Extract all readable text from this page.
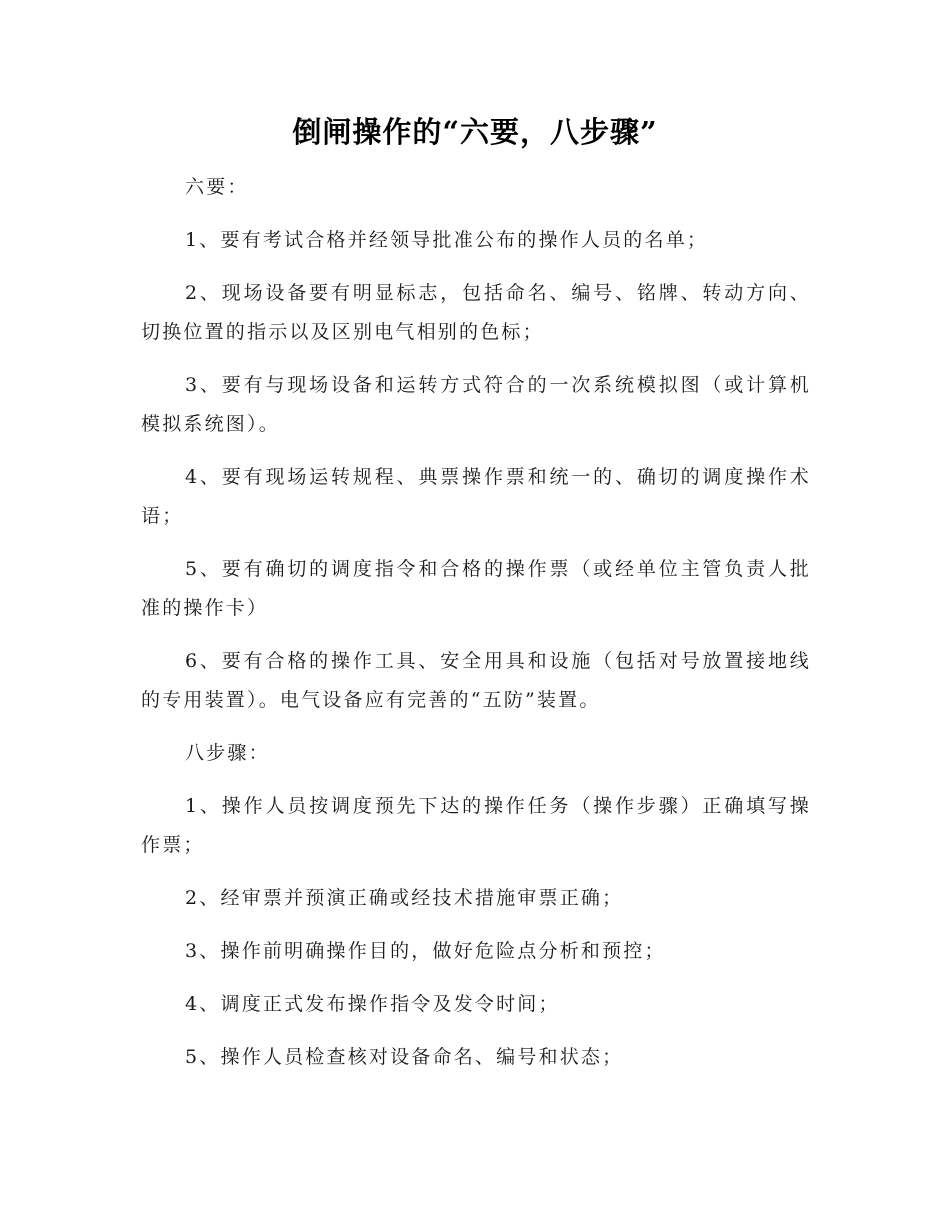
倒闸操作的“六要，八步骤”

六要：

1、要有考试合格并经领导批准公布的操作人员的名单；

2、现场设备要有明显标志，包括命名、编号、铭牌、转动方向、切换位置的指示以及区别电气相别的色标；

3、要有与现场设备和运转方式符合的一次系统模拟图（或计算机模拟系统图）。

4、要有现场运转规程、典票操作票和统一的、确切的调度操作术语；

5、要有确切的调度指令和合格的操作票（或经单位主管负责人批准的操作卡）

6、要有合格的操作工具、安全用具和设施（包括对号放置接地线的专用装置）。电气设备应有完善的“五防”装置。

八步骤：

1、操作人员按调度预先下达的操作任务（操作步骤）正确填写操作票；

2、经审票并预演正确或经技术措施审票正确；

3、操作前明确操作目的，做好危险点分析和预控；

4、调度正式发布操作指令及发令时间；

5、操作人员检查核对设备命名、编号和状态；
